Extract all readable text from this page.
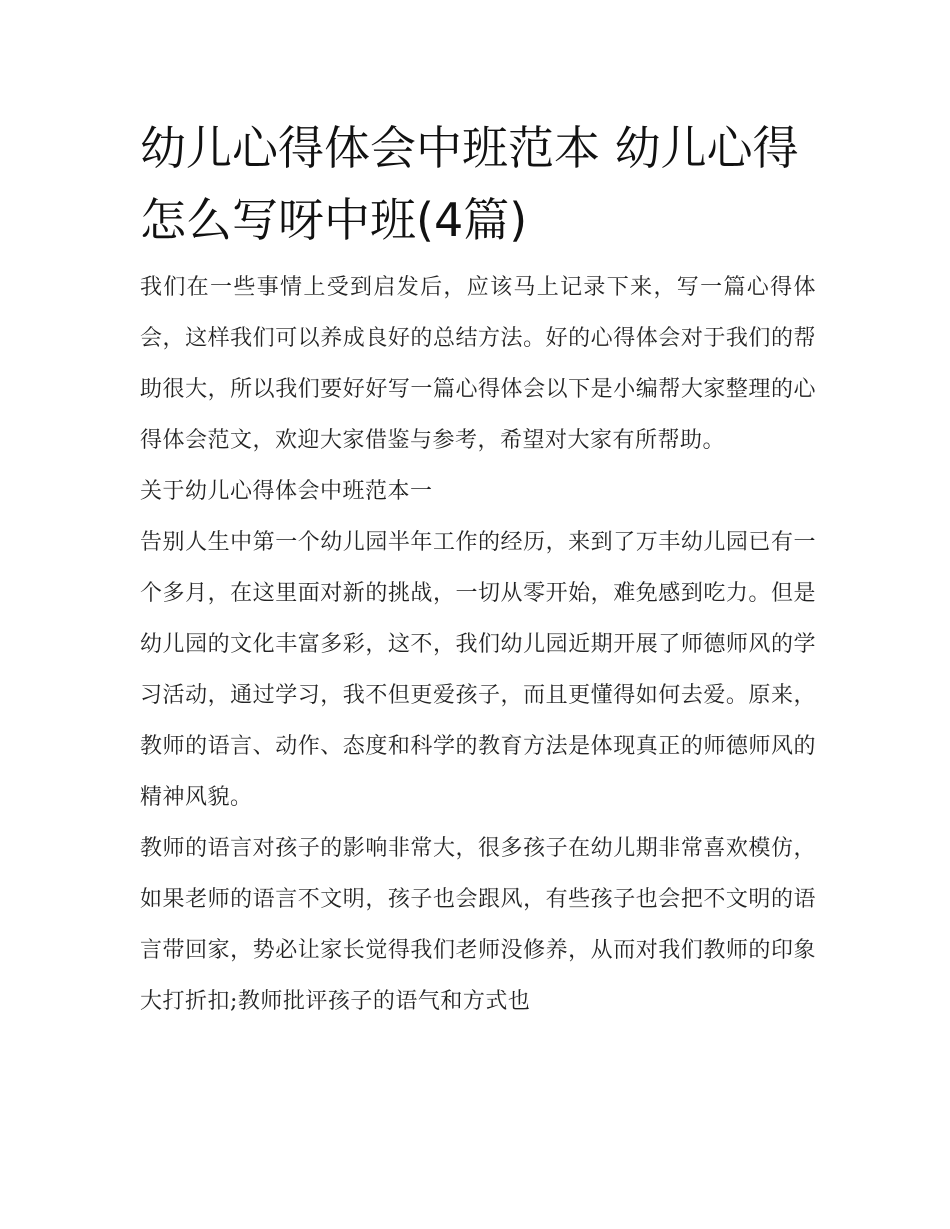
幼儿心得体会中班范本 幼儿心得怎么写呀中班(4篇)

我们在一些事情上受到启发后，应该马上记录下来，写一篇心得体会，这样我们可以养成良好的总结方法。好的心得体会对于我们的帮助很大，所以我们要好好写一篇心得体会以下是小编帮大家整理的心得体会范文，欢迎大家借鉴与参考，希望对大家有所帮助。

关于幼儿心得体会中班范本一

告别人生中第一个幼儿园半年工作的经历，来到了万丰幼儿园已有一个多月，在这里面对新的挑战，一切从零开始，难免感到吃力。但是幼儿园的文化丰富多彩，这不，我们幼儿园近期开展了师德师风的学习活动，通过学习，我不但更爱孩子，而且更懂得如何去爱。原来，教师的语言、动作、态度和科学的教育方法是体现真正的师德师风的精神风貌。

教师的语言对孩子的影响非常大，很多孩子在幼儿期非常喜欢模仿，如果老师的语言不文明，孩子也会跟风，有些孩子也会把不文明的语言带回家，势必让家长觉得我们老师没修养，从而对我们教师的印象大打折扣;教师批评孩子的语气和方式也
